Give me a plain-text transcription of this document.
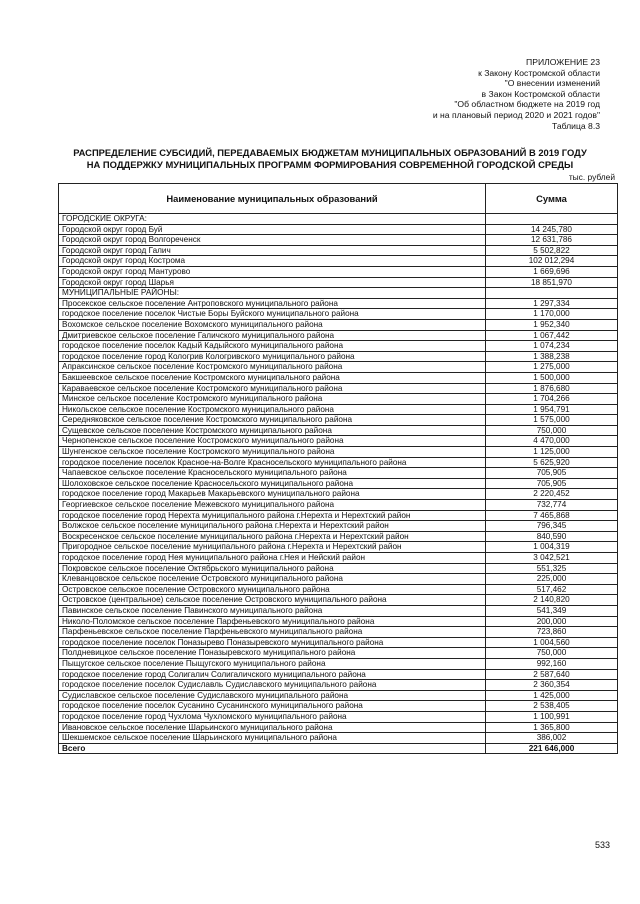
ПРИЛОЖЕНИЕ 23
к Закону Костромской области
"О внесении изменений
в Закон Костромской области
"Об областном бюджете на 2019 год
и на плановый период 2020 и 2021 годов"
Таблица 8.3
РАСПРЕДЕЛЕНИЕ СУБСИДИЙ, ПЕРЕДАВАЕМЫХ БЮДЖЕТАМ МУНИЦИПАЛЬНЫХ ОБРАЗОВАНИЙ В 2019 ГОДУ
НА ПОДДЕРЖКУ МУНИЦИПАЛЬНЫХ ПРОГРАММ ФОРМИРОВАНИЯ СОВРЕМЕННОЙ ГОРОДСКОЙ СРЕДЫ
тыс. рублей
Наименование муниципальных образований	Сумма
ГОРОДСКИЕ ОКРУГА:	
Городской округ город Буй	14 245,780
Городской округ город Волгореченск	12 631,786
Городской округ город Галич	5 502,822
Городской округ город Кострома	102 012,294
Городской округ город Мантурово	1 669,696
Городской округ город Шарья	18 851,970
МУНИЦИПАЛЬНЫЕ РАЙОНЫ:	
Просекское сельское поселение Антроповского муниципального района	1 297,334
городское поселение поселок Чистые Боры Буйского муниципального района	1 170,000
Вохомское сельское поселение Вохомского муниципального района	1 952,340
Дмитриевское сельское поселение Галичского муниципального района	1 067,442
городское поселение поселок Кадый Кадыйского муниципального района	1 074,234
городское поселение город Кологрив Кологривского муниципального района	1 388,238
Апраксинское сельское поселение Костромского муниципального района	1 275,000
Бакшеевское сельское поселение Костромского муниципального района	1 500,000
Караваевское сельское поселение Костромского муниципального района	1 876,680
Минское сельское поселение Костромского муниципального района	1 704,266
Никольское сельское поселение Костромского муниципального района	1 954,791
Середняковское сельское поселение Костромского муниципального района	1 575,000
Сущевское сельское поселение Костромского муниципального района	750,000
Чернопенское сельское поселение Костромского муниципального района	4 470,000
Шунгенское сельское поселение Костромского муниципального района	1 125,000
городское поселение поселок Красное-на-Волге Красносельского муниципального района	5 625,920
Чапаевское сельское поселение Красносельского муниципального района	705,905
Шолоховское сельское поселение Красносельского муниципального района	705,905
городское поселение город Макарьев Макарьевского муниципального района	2 220,452
Георгиевское сельское поселение Межевского муниципального района	732,774
городское поселение город Нерехта муниципального района г.Нерехта и Нерехтский район	7 465,868
Волжское сельское поселение муниципального района г.Нерехта и Нерехтский район	796,345
Воскресенское сельское поселение муниципального района г.Нерехта и Нерехтский район	840,590
Пригородное сельское поселение муниципального района г.Нерехта и Нерехтский район	1 004,319
городское поселение город Нея муниципального района г.Нея и Нейский район	3 042,521
Покровское сельское поселение Октябрьского муниципального района	551,325
Клеванцовское сельское поселение Островского муниципального района	225,000
Островское сельское поселение Островского муниципального района	517,462
Островское (центральное) сельское поселение Островского муниципального района	2 140,820
Павинское сельское поселение Павинского муниципального района	541,349
Николо-Поломское сельское поселение Парфеньевского муниципального района	200,000
Парфеньевское сельское поселение Парфеньевского муниципального района	723,860
городское поселение поселок Поназырево Поназыревского муниципального района	1 004,560
Полдневицкое сельское поселение Поназыревского муниципального района	750,000
Пыщугское сельское поселение Пыщугского муниципального района	992,160
городское поселение город Солигалич Солигаличского муниципального района	2 587,640
городское поселение поселок Судиславль Судиславского муниципального района	2 360,354
Судиславское сельское поселение Судиславского муниципального района	1 425,000
городское поселение поселок Сусанино Сусанинского муниципального района	2 538,405
городское поселение город Чухлома Чухломского муниципального района	1 100,991
Ивановское сельское поселение Шарьинского муниципального района	1 365,800
Шекшемское сельское поселение Шарьинского муниципального района	386,002
Всего	221 646,000
533
